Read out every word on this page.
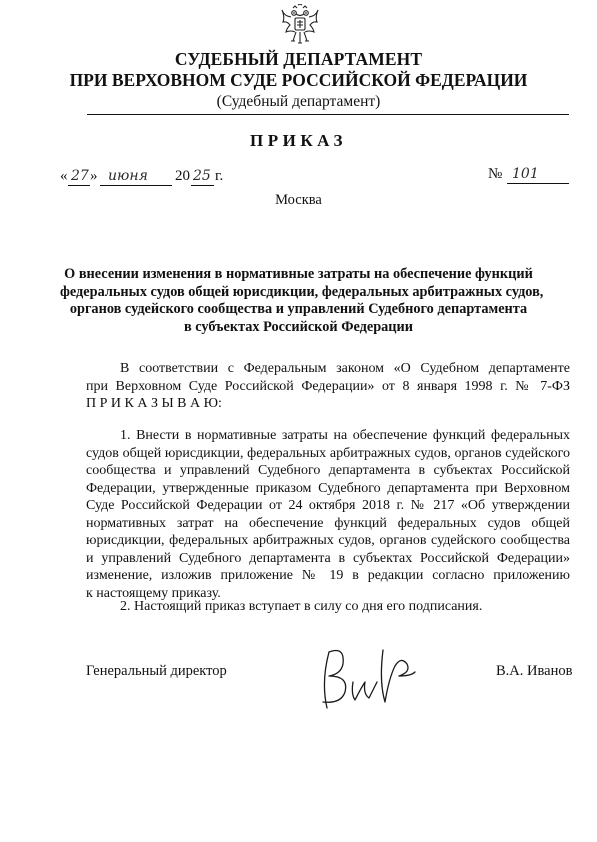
СУДЕБНЫЙ ДЕПАРТАМЕНТ
ПРИ ВЕРХОВНОМ СУДЕ РОССИЙСКОЙ ФЕДЕРАЦИИ
(Судебный департамент)
ПРИКАЗ
« 27 » июня 20 25 г.	№ 101
Москва
О внесении изменения в нормативные затраты на обеспечение функций
федеральных судов общей юрисдикции, федеральных арбитражных судов,
органов судейского сообщества и управлений Судебного департамента
в субъектах Российской Федерации
В соответствии с Федеральным законом «О Судебном департаменте
при Верховном Суде Российской Федерации» от 8 января 1998 г. № 7-ФЗ
П Р И К А З Ы В А Ю:
1. Внести в нормативные затраты на обеспечение функций федеральных
судов общей юрисдикции, федеральных арбитражных судов, органов судейского
сообщества и управлений Судебного департамента в субъектах Российской
Федерации, утвержденные приказом Судебного департамента при Верховном
Суде Российской Федерации от 24 октября 2018 г. № 217 «Об утверждении
нормативных затрат на обеспечение функций федеральных судов общей
юрисдикции, федеральных арбитражных судов, органов судейского сообщества
и управлений Судебного департамента в субъектах Российской Федерации»
изменение, изложив приложение № 19 в редакции согласно приложению
к настоящему приказу.
2. Настоящий приказ вступает в силу со дня его подписания.
Генеральный директор	В.А. Иванов
